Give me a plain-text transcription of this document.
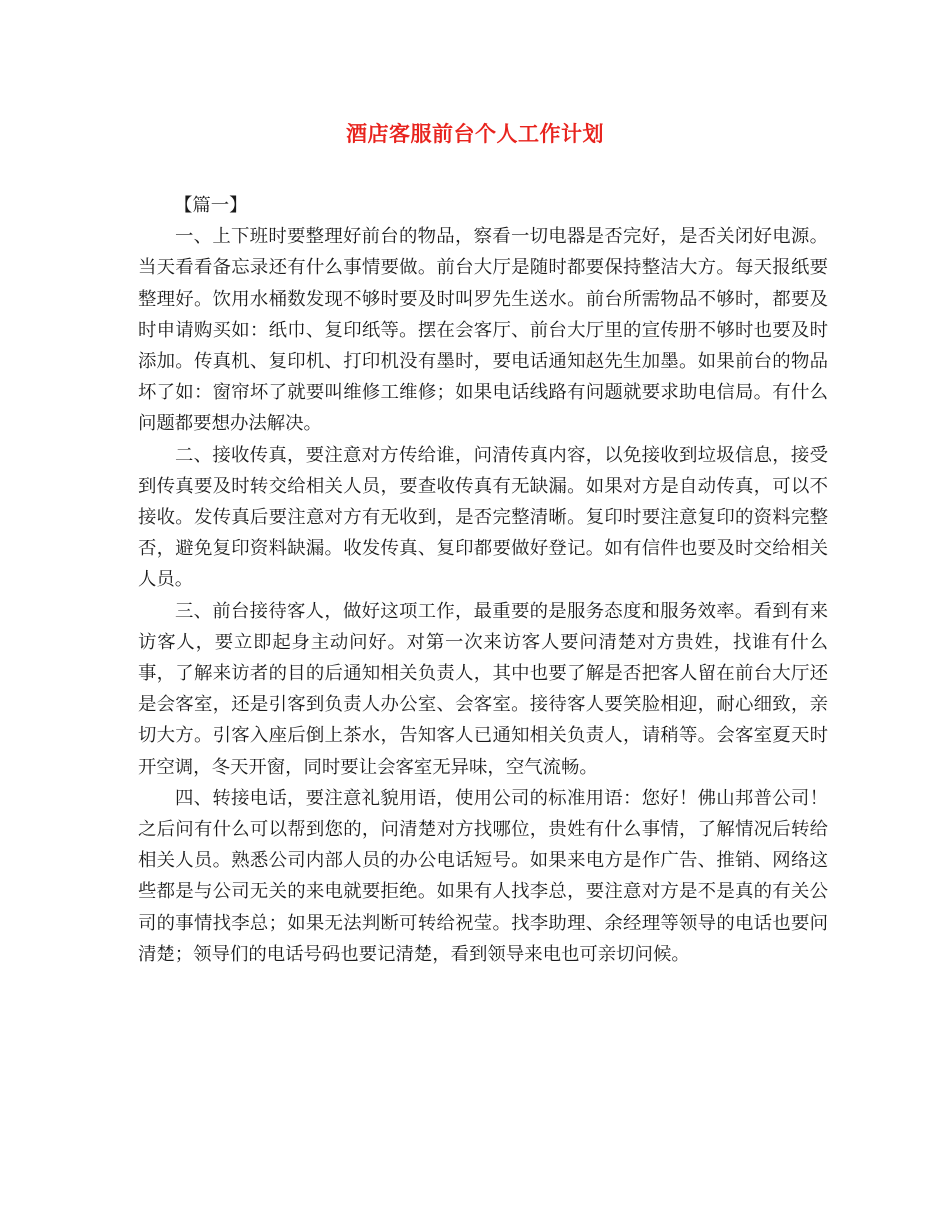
酒店客服前台个人工作计划

【篇一】

一、上下班时要整理好前台的物品，察看一切电器是否完好，是否关闭好电源。当天看看备忘录还有什么事情要做。前台大厅是随时都要保持整洁大方。每天报纸要整理好。饮用水桶数发现不够时要及时叫罗先生送水。前台所需物品不够时，都要及时申请购买如：纸巾、复印纸等。摆在会客厅、前台大厅里的宣传册不够时也要及时添加。传真机、复印机、打印机没有墨时，要电话通知赵先生加墨。如果前台的物品坏了如：窗帘坏了就要叫维修工维修；如果电话线路有问题就要求助电信局。有什么问题都要想办法解决。

二、接收传真，要注意对方传给谁，问清传真内容，以免接收到垃圾信息，接受到传真要及时转交给相关人员，要查收传真有无缺漏。如果对方是自动传真，可以不接收。发传真后要注意对方有无收到，是否完整清晰。复印时要注意复印的资料完整否，避免复印资料缺漏。收发传真、复印都要做好登记。如有信件也要及时交给相关人员。

三、前台接待客人，做好这项工作，最重要的是服务态度和服务效率。看到有来访客人，要立即起身主动问好。对第一次来访客人要问清楚对方贵姓，找谁有什么事，了解来访者的目的后通知相关负责人，其中也要了解是否把客人留在前台大厅还是会客室，还是引客到负责人办公室、会客室。接待客人要笑脸相迎，耐心细致，亲切大方。引客入座后倒上茶水，告知客人已通知相关负责人，请稍等。会客室夏天时开空调，冬天开窗，同时要让会客室无异味，空气流畅。

四、转接电话，要注意礼貌用语，使用公司的标准用语：您好！佛山邦普公司！之后问有什么可以帮到您的，问清楚对方找哪位，贵姓有什么事情，了解情况后转给相关人员。熟悉公司内部人员的办公电话短号。如果来电方是作广告、推销、网络这些都是与公司无关的来电就要拒绝。如果有人找李总，要注意对方是不是真的有关公司的事情找李总；如果无法判断可转给祝莹。找李助理、余经理等领导的电话也要问清楚；领导们的电话号码也要记清楚，看到领导来电也可亲切问候。
